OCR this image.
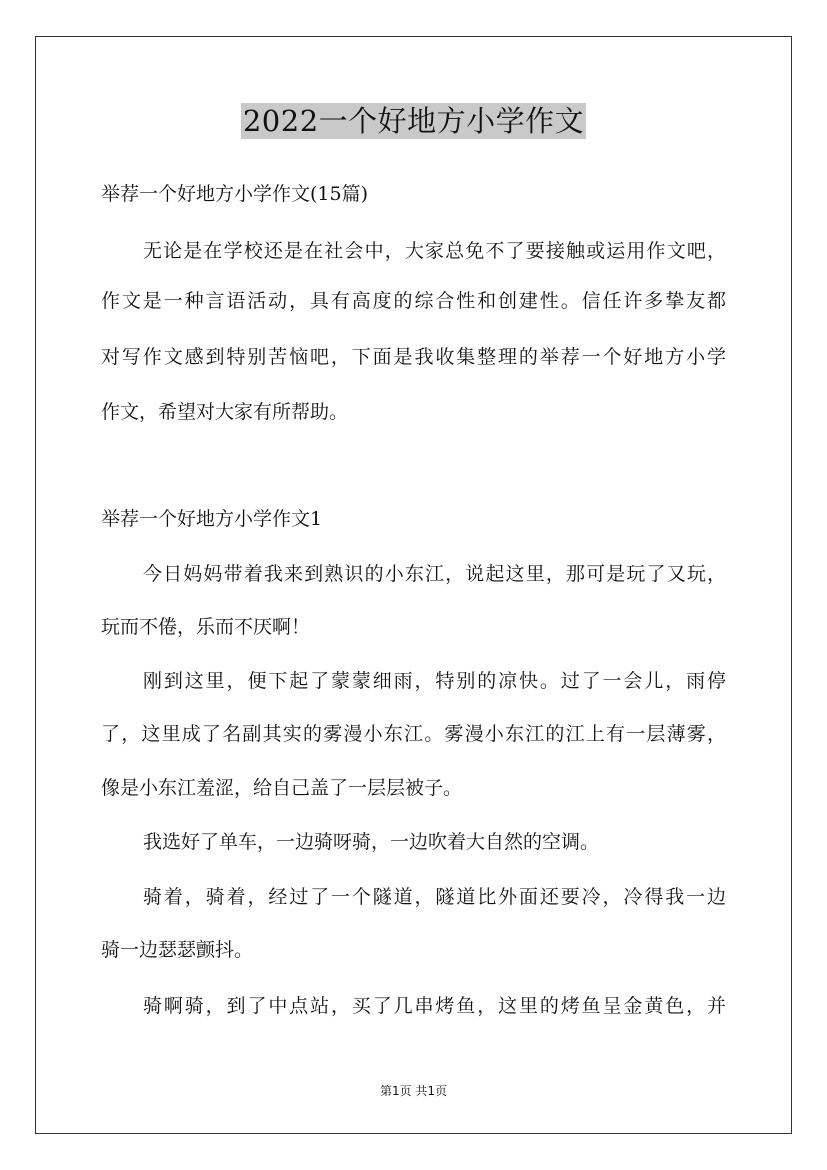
2022一个好地方小学作文
举荐一个好地方小学作文(15篇)
无论是在学校还是在社会中，大家总免不了要接触或运用作文吧，
作文是一种言语活动，具有高度的综合性和创建性。信任许多挚友都
对写作文感到特别苦恼吧，下面是我收集整理的举荐一个好地方小学
作文，希望对大家有所帮助。
举荐一个好地方小学作文1
今日妈妈带着我来到熟识的小东江，说起这里，那可是玩了又玩，
玩而不倦，乐而不厌啊！
刚到这里，便下起了蒙蒙细雨，特别的凉快。过了一会儿，雨停
了，这里成了名副其实的雾漫小东江。雾漫小东江的江上有一层薄雾，
像是小东江羞涩，给自己盖了一层层被子。
我选好了单车，一边骑呀骑，一边吹着大自然的空调。
骑着，骑着，经过了一个隧道，隧道比外面还要冷，冷得我一边
骑一边瑟瑟颤抖。
骑啊骑，到了中点站，买了几串烤鱼，这里的烤鱼呈金黄色，并
第1页 共1页
